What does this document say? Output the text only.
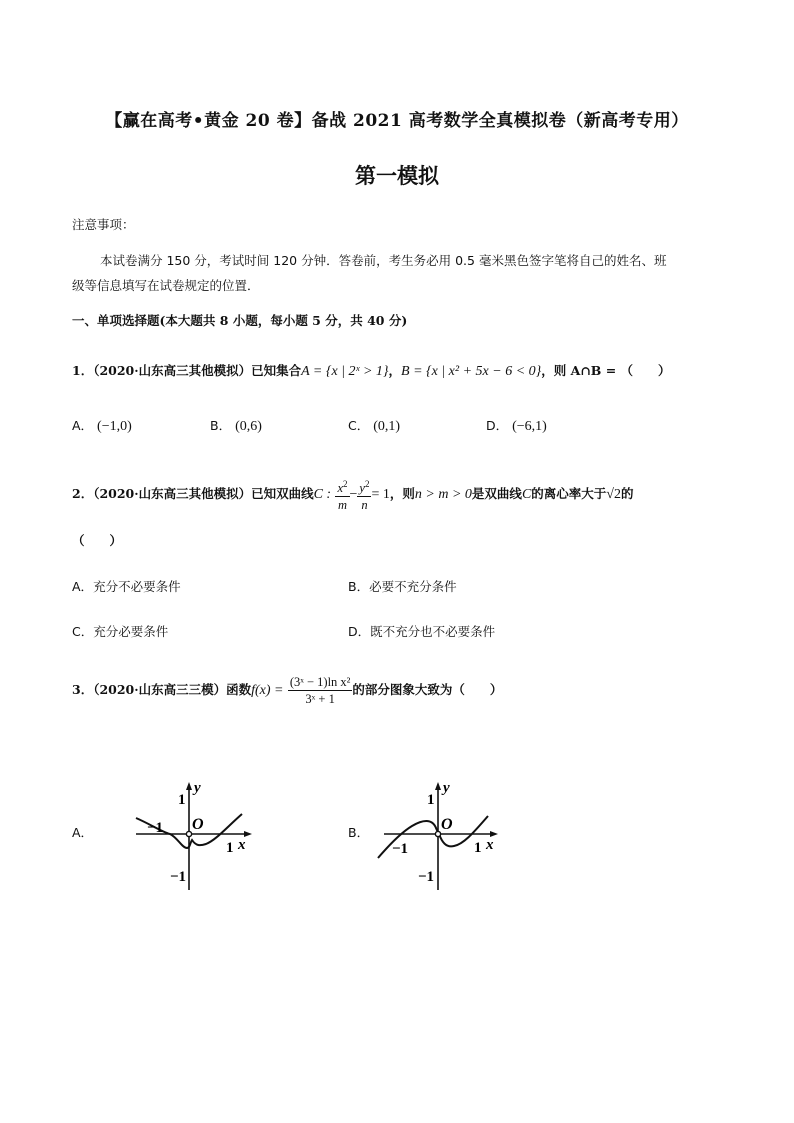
【赢在高考•黄金 20 卷】备战 2021 高考数学全真模拟卷（新高考专用）
第一模拟
注意事项：
本试卷满分 150 分，考试时间 120 分钟．答卷前，考生务必用 0.5 毫米黑色签字笔将自己的姓名、班
级等信息填写在试卷规定的位置．
一、单项选择题(本大题共 8 小题，每小题 5 分，共 40 分)
1．（2020·山东高三其他模拟）已知集合A = {x | 2ˣ > 1}，B = {x | x² + 5x − 6 < 0}，则 A∩B = （　　）
A． (−1,0)	B． (0,6)	C． (0,1)	D． (−6,1)
2．（2020·山东高三其他模拟）已知双曲线C : $\frac{x^2}{m} - \frac{y^2}{n} = 1$，则n > m > 0是双曲线C的离心率大于√2的
（　　）
A．充分不必要条件	B．必要不充分条件
C．充分必要条件	D．既不充分也不必要条件
3．（2020·山东高三三模）函数$f(x) = \frac{\text{(3ˣ − 1)ln x²}}{\text{3ˣ + 1}}$ 的部分图象大致为（　　）
A．
1
y
O
−1
1 x
−1
B．
1
y
O
−1	1 x
−1
